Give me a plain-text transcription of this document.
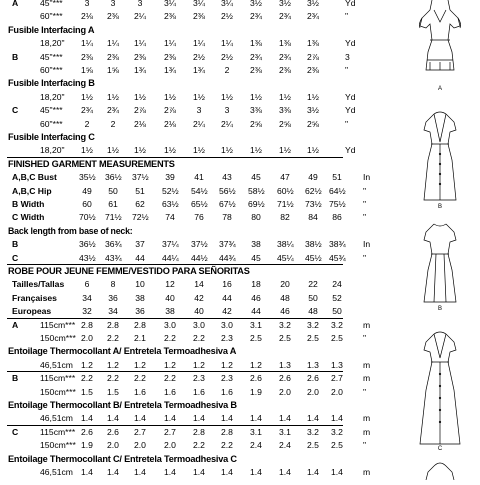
A	45"***	3	3	3	3¼ 3¼ 3¼ 3½ 3½ 3½	Yd
60"*** 2⅛ 2⅜ 2¼ 2⅜ 2⅜ 2½ 2¾ 2¾ 2¾	"
Fusible Interfacing A
18,20" 1¼ 1¼ 1¼ 1¼ 1¼ 1¼ 1⅜ 1⅜ 1⅜	Yd
B	45"*** 2⅜ 2⅜ 2⅜ 2⅜ 2½ 2½ 2¾ 2¾ 2⅞	3
60"*** 1⅝ 1⅝ 1¾ 1¾ 1¾	2	2⅜ 2⅜ 2⅜	"
Fusible Interfacing B
18,20" 1½ 1½ 1½ 1½ 1½ 1½ 1½ 1½ 1½	Yd
C	45"*** 2¾ 2¾ 2⅞ 2⅞	3	3	3⅜ 3⅜ 3½	Yd
60"***	2	2	2⅛ 2⅛ 2¼ 2¼ 2⅝ 2⅝ 2⅝	"
Fusible Interfacing C
18,20" 1½ 1½ 1½ 1½ 1½ 1½ 1½ 1½ 1½	Yd
FINISHED GARMENT MEASUREMENTS
A,B,C Bust	35½ 36½ 37½	39	41	43	45	47	49	51	In
A,B,C Hip	49	50	51	52½ 54½ 56½ 58½ 60½ 62½ 64½ "
B Width	60	61	62	63½ 65½ 67½ 69½ 71½ 73½ 75½ "
C Width	70½ 71½ 72½	74	76	78	80	82	84	86	"
Back length from base of neck:
B	36½ 36¾	37	37¼ 37½ 37¾	38	38¼ 38½ 38¾ In
C	43½ 43¾	44	44¼ 44½ 44¾	45	45¼ 45½ 45¾ "
ROBE POUR JEUNE FEMME/VESTIDO PARA SEÑORITAS
Tailles/Tallas	6	8	10	12	14	16	18	20	22	24
Françaises	34	36	38	40	42	44	46	48	50	52
Europeas	32	34	36	38	40	42	44	46	48	50
A	115cm*** 2.8 2.8 2.8 3.0 3.0 3.0 3.1 3.2 3.2 3.2 m
150cm*** 2.0 2.2 2.1 2.2 2.2 2.3 2.5 2.5 2.5 2.5 "
Entoilage Thermocollant A/ Entretela Termoadhesiva A
46,51cm 1.2 1.2 1.2 1.2 1.2 1.2 1.2 1.3 1.3 1.3 m
B	115cm*** 2.2 2.2 2.2 2.2 2.3 2.3 2.6 2.6 2.6 2.7 m
150cm*** 1.5 1.5 1.6 1.6 1.6 1.6 1.9 2.0 2.0 2.0 "
Entoilage Thermocollant B/ Entretela Termoadhesiva B
46,51cm 1.4 1.4 1.4 1.4 1.4 1.4 1.4 1.4 1.4 1.4 m
C	115cm*** 2.6 2.6 2.7 2.7 2.8 2.8 3.1 3.1 3.2 3.2 m
150cm*** 1.9 2.0 2.0 2.0 2.2 2.2 2.4 2.4 2.5 2.5 "
Entoilage Thermocollant C/ Entretela Termoadhesiva C
46,51cm 1.4 1.4 1.4 1.4 1.4 1.4 1.4 1.4 1.4 1.4 m
A
B
B
C
